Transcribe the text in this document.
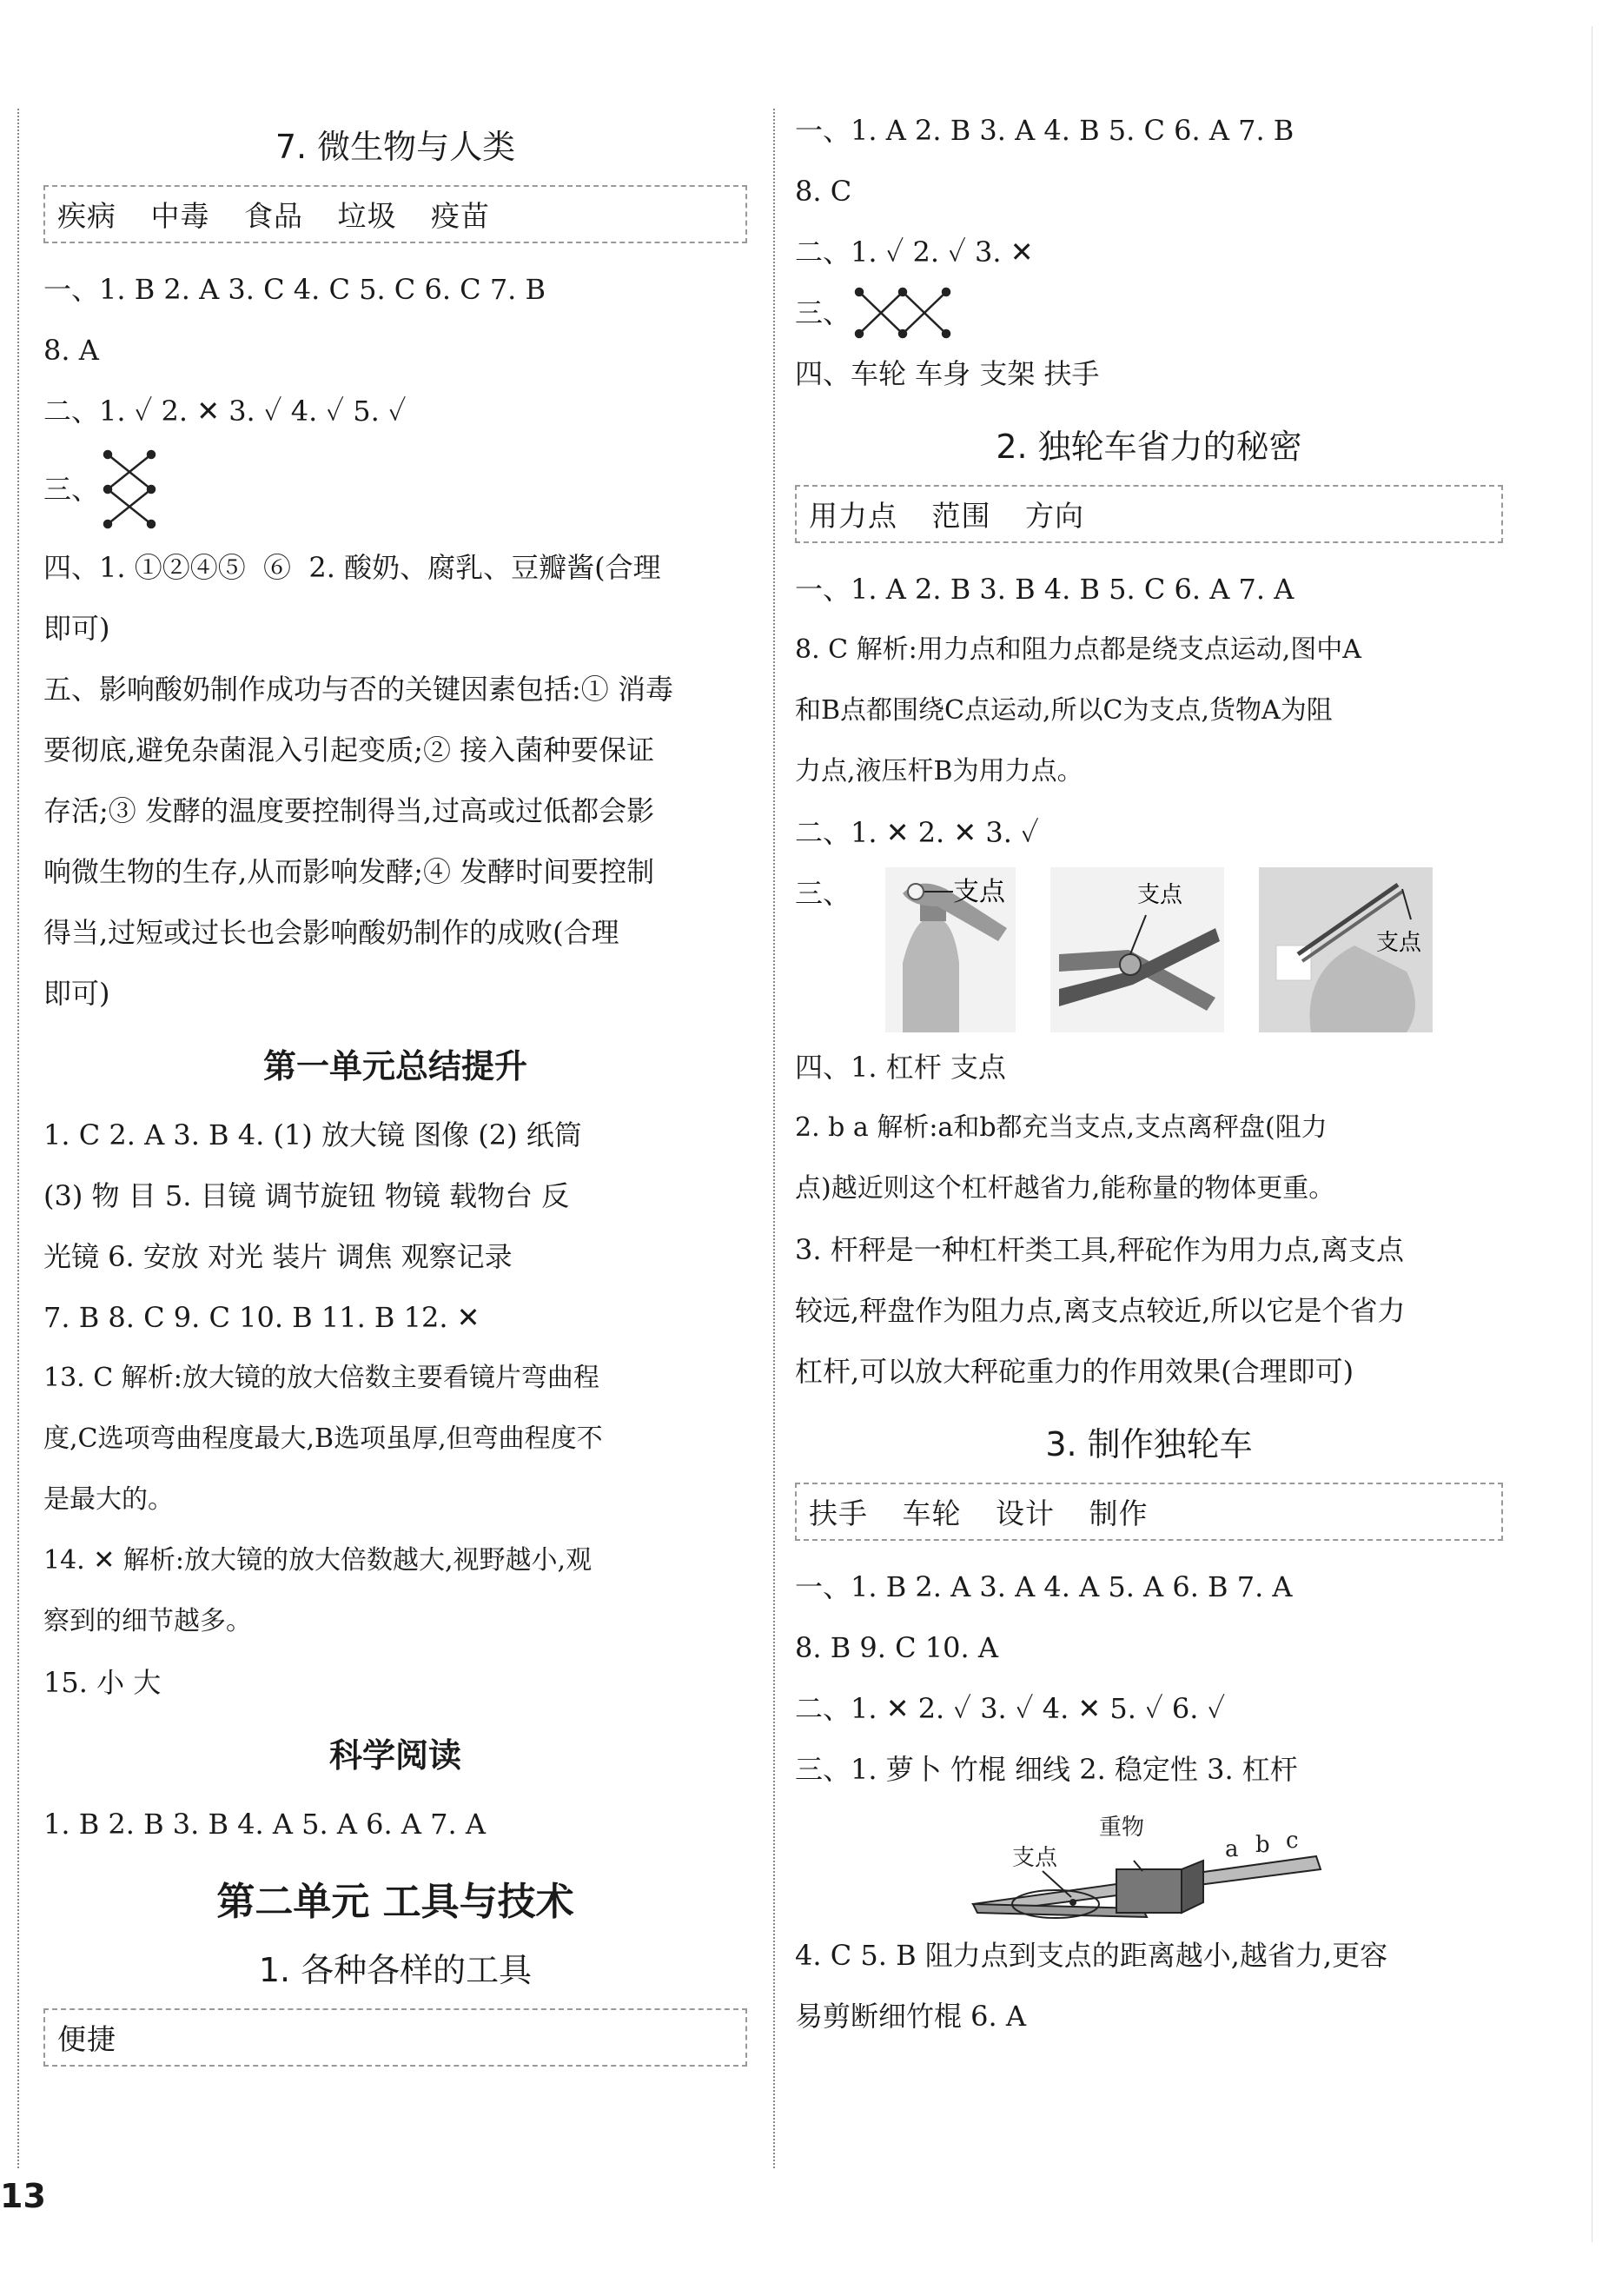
7. 微生物与人类
疾病 中毒 食品 垃圾 疫苗

一、1. B 2. A 3. C 4. C 5. C 6. C 7. B

8. A

二、1. ✓ 2. ✕ 3. ✓ 4. ✓ 5. ✓

三、

四、1. ①②④⑤  ⑥  2. 酸奶、腐乳、豆瓣酱(合理

即可)

五、影响酸奶制作成功与否的关键因素包括:① 消毒

要彻底,避免杂菌混入引起变质;② 接入菌种要保证

存活;③ 发酵的温度要控制得当,过高或过低都会影

响微生物的生存,从而影响发酵;④ 发酵时间要控制

得当,过短或过长也会影响酸奶制作的成败(合理

即可)

第一单元总结提升

1. C 2. A 3. B 4. (1) 放大镜 图像 (2) 纸筒

(3) 物 目 5. 目镜 调节旋钮 物镜 载物台 反

光镜 6. 安放 对光 装片 调焦 观察记录

7. B 8. C 9. C 10. B 11. B 12. ✕

13. C 解析:放大镜的放大倍数主要看镜片弯曲程

度,C选项弯曲程度最大,B选项虽厚,但弯曲程度不

是最大的。

14. ✕ 解析:放大镜的放大倍数越大,视野越小,观

察到的细节越多。

15. 小 大

科学阅读

1. B 2. B 3. B 4. A 5. A 6. A 7. A

第二单元 工具与技术
1. 各种各样的工具
便捷

一、1. A 2. B 3. A 4. B 5. C 6. A 7. B

8. C

二、1. ✓ 2. ✓ 3. ✕

三、

四、车轮 车身 支架 扶手

2. 独轮车省力的秘密
用力点 范围 方向

一、1. A 2. B 3. B 4. B 5. C 6. A 7. A

8. C 解析:用力点和阻力点都是绕支点运动,图中A

和B点都围绕C点运动,所以C为支点,货物A为阻

力点,液压杆B为用力点。

二、1. ✕ 2. ✕ 3. ✓

三、	支点	支点
支点

四、1. 杠杆 支点

2. b a 解析:a和b都充当支点,支点离秤盘(阻力

点)越近则这个杠杆越省力,能称量的物体更重。

3. 杆秤是一种杠杆类工具,秤砣作为用力点,离支点

较远,秤盘作为阻力点,离支点较近,所以它是个省力

杠杆,可以放大秤砣重力的作用效果(合理即可)

3. 制作独轮车
扶手 车轮 设计 制作

一、1. B 2. A 3. A 4. A 5. A 6. B 7. A

8. B 9. C 10. A

二、1. ✕ 2. ✓ 3. ✓ 4. ✕ 5. ✓ 6. ✓

三、1. 萝卜 竹棍 细线 2. 稳定性 3. 杠杆

重物
支点	a b c

4. C 5. B 阻力点到支点的距离越小,越省力,更容

易剪断细竹棍 6. A

13
